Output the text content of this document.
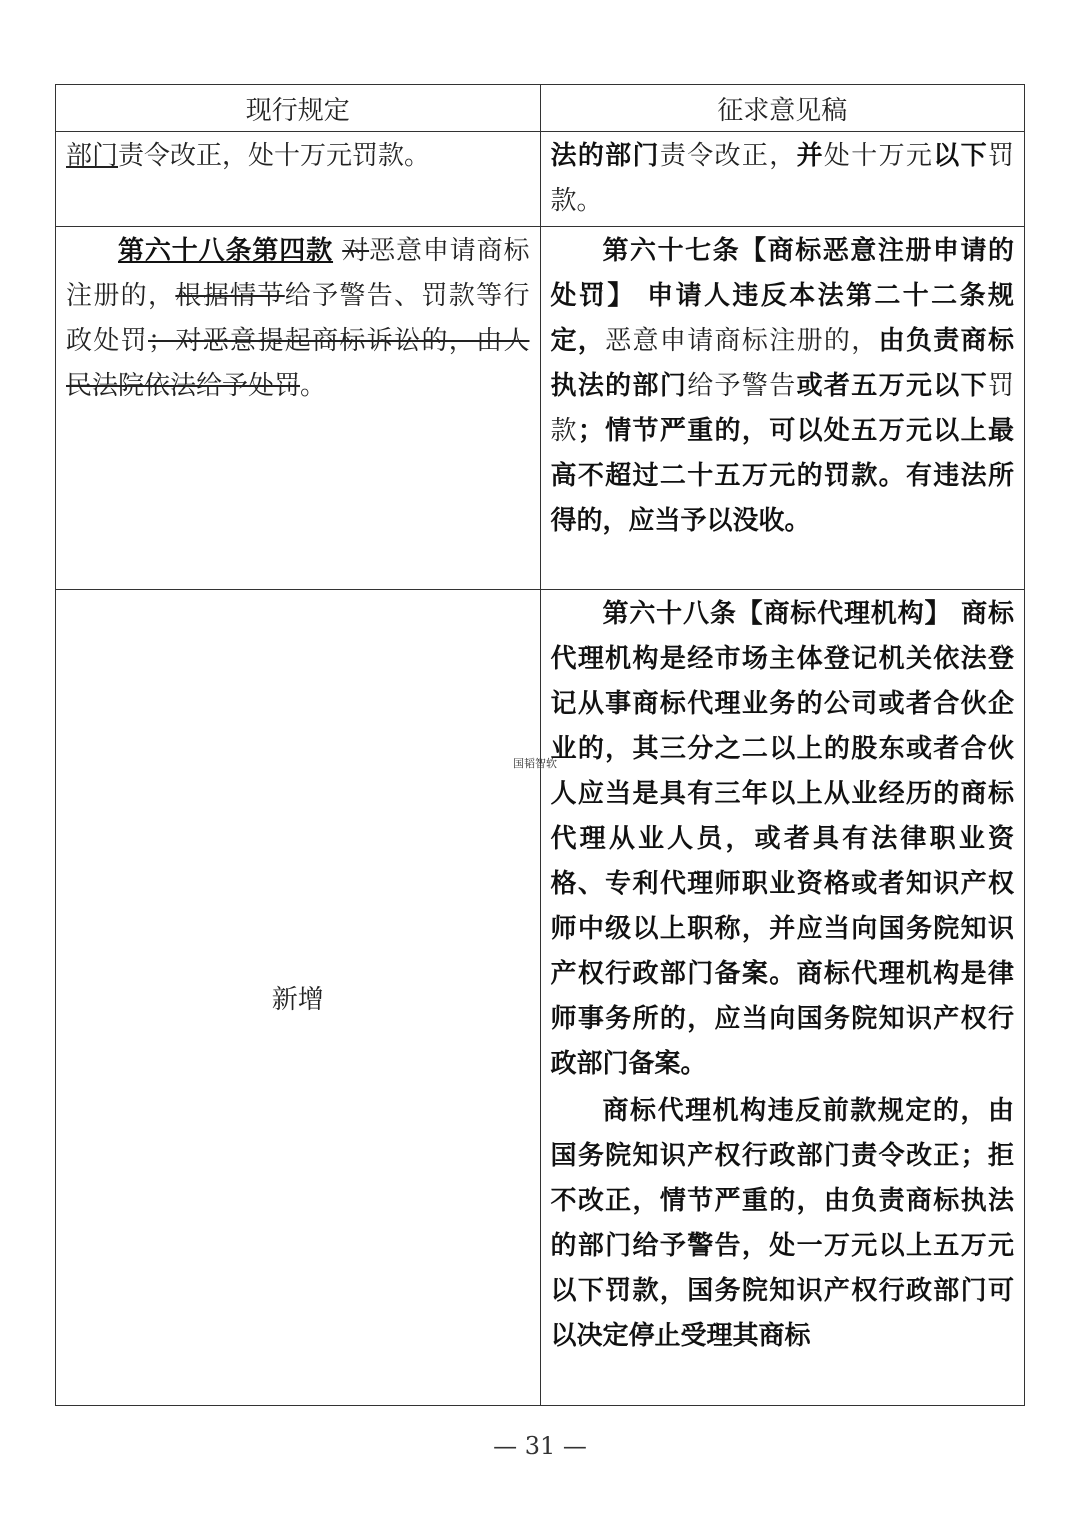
现行规定	征求意见稿

部门责令改正，处十万元罚款。	法的部门责令改正，并处十万元以下罚款。

第六十八条第四款 对恶意申请商标注册的，根据情节给予警告、罚款等行政处罚；对恶意提起商标诉讼的，由人民法院依法给予处罚。	第六十七条【商标恶意注册申请的处罚】 申请人违反本法第二十二条规定，恶意申请商标注册的，由负责商标执法的部门给予警告或者五万元以下罚款；情节严重的，可以处五万元以上最高不超过二十五万元的罚款。有违法所得的，应当予以没收。

新增	第六十八条【商标代理机构】 商标代理机构是经市场主体登记机关依法登记从事商标代理业务的公司或者合伙企业的，其三分之二以上的股东或者合伙人应当是具有三年以上从业经历的商标代理从业人员，或者具有法律职业资格、专利代理师职业资格或者知识产权师中级以上职称，并应当向国务院知识产权行政部门备案。商标代理机构是律师事务所的，应当向国务院知识产权行政部门备案。
商标代理机构违反前款规定的，由国务院知识产权行政部门责令改正；拒不改正，情节严重的，由负责商标执法的部门给予警告，处一万元以上五万元以下罚款，国务院知识产权行政部门可以决定停止受理其商标
国韬智软
— 31 —
